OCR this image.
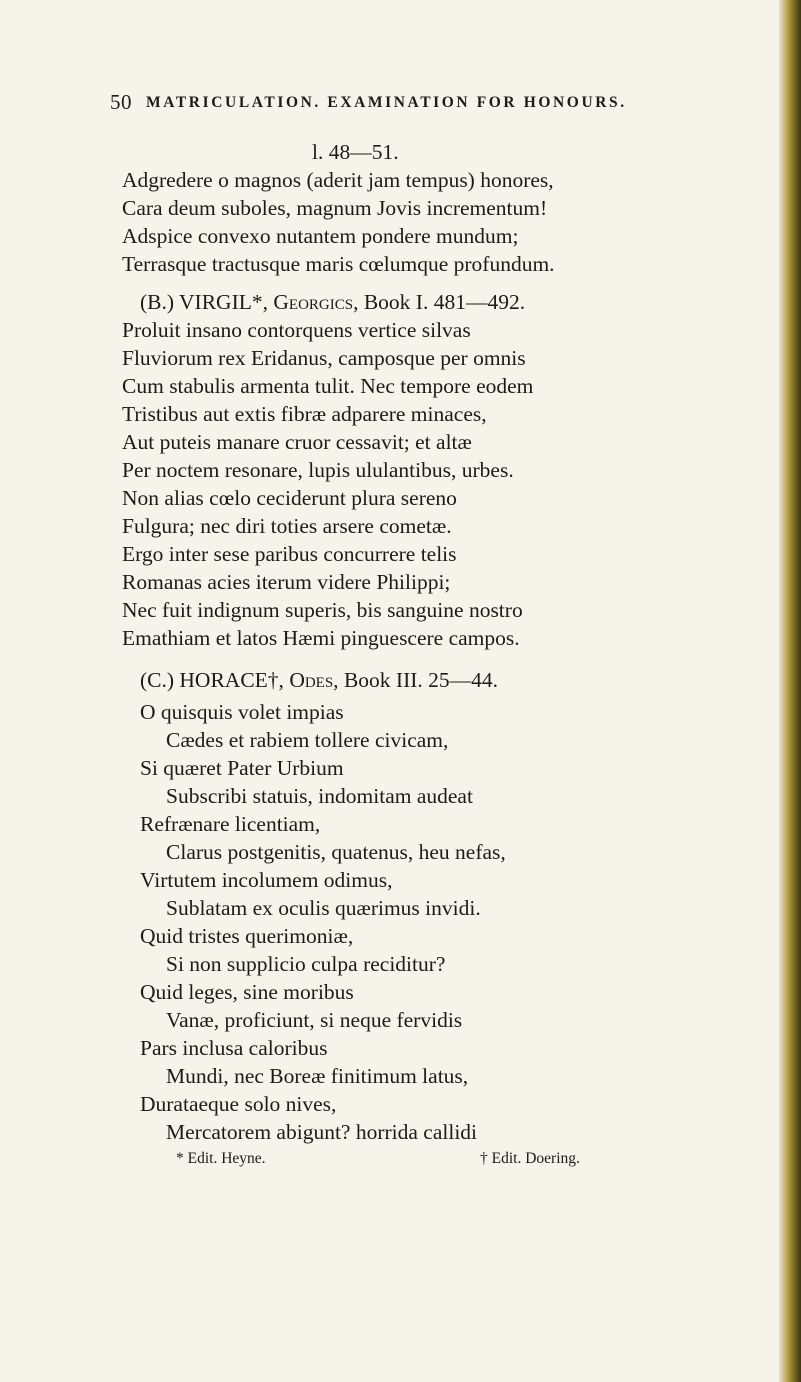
50 MATRICULATION. EXAMINATION FOR HONOURS.
l. 48—51.
Adgredere o magnos (aderit jam tempus) honores,
Cara deum suboles, magnum Jovis incrementum!
Adspice convexo nutantem pondere mundum;
Terrasque tractusque maris cœlumque profundum.
(B.) VIRGIL*, Georgics, Book I. 481—492.
Proluit insano contorquens vertice silvas
Fluviorum rex Eridanus, camposque per omnis
Cum stabulis armenta tulit. Nec tempore eodem
Tristibus aut extis fibræ adparere minaces,
Aut puteis manare cruor cessavit; et altæ
Per noctem resonare, lupis ululantibus, urbes.
Non alias cœlo ceciderunt plura sereno
Fulgura; nec diri toties arsere cometæ.
Ergo inter sese paribus concurrere telis
Romanas acies iterum videre Philippi;
Nec fuit indignum superis, bis sanguine nostro
Emathiam et latos Hæmi pinguescere campos.
(C.) HORACE†, Odes, Book III. 25—44.
O quisquis volet impias
Cædes et rabiem tollere civicam,
Si quæret Pater Urbium
Subscribi statuis, indomitam audeat
Refrænare licentiam,
Clarus postgenitis, quatenus, heu nefas,
Virtutem incolumem odimus,
Sublatam ex oculis quærimus invidi.
Quid tristes querimoniæ,
Si non supplicio culpa reciditur?
Quid leges, sine moribus
Vanæ, proficiunt, si neque fervidis
Pars inclusa caloribus
Mundi, nec Boreæ finitimum latus,
Durataeque solo nives,
Mercatorem abigunt? horrida callidi
* Edit. Heyne.	† Edit. Doering.
